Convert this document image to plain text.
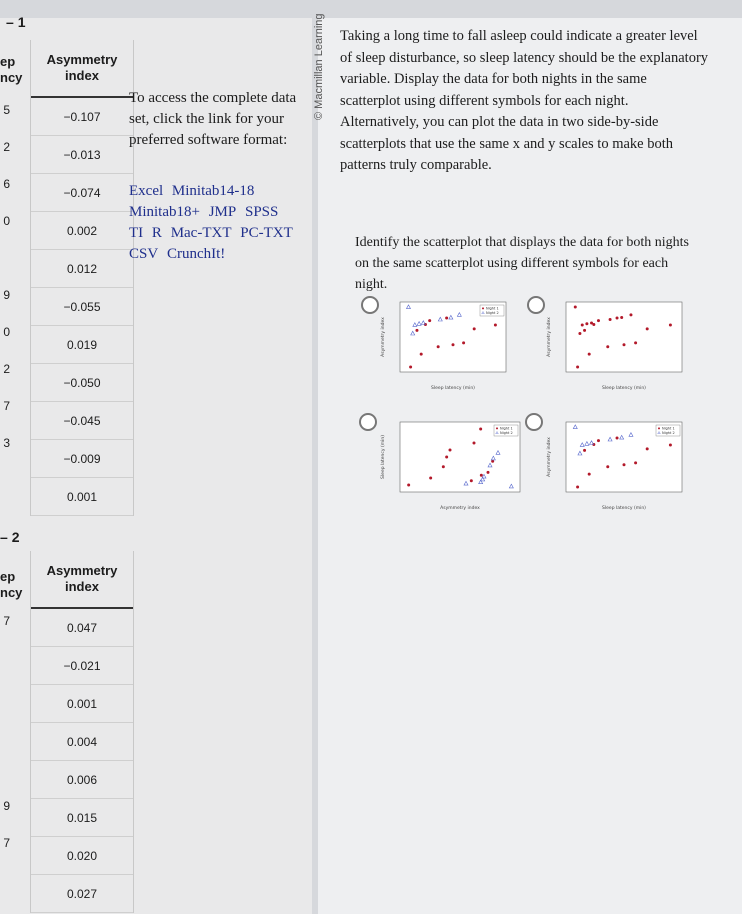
– 1
ep
ncy
5
2
6
0
9
0
2
7
3
Asymmetry
index
−0.107
−0.013
−0.074
0.002
0.012
−0.055
0.019
−0.050
−0.045
−0.009
0.001
– 2
ep
ncy
7
9
7
Asymmetry
index
0.047
−0.021
0.001
0.004
0.006
0.015
0.020
0.027
To access the complete data set, click the link for your preferred software format:
Excel Minitab14-18 Minitab18+ JMP SPSS TI R Mac-TXT PC-TXT CSV CrunchIt!
© Macmillan Learning Taking a long time to fall asleep could indicate a greater level of sleep disturbance, so sleep latency should be the explanatory variable. Display the data for both nights in the same scatterplot using different symbols for each night. Alternatively, you can plot the data in two side-by-side scatterplots that use the same x and y scales to make both patterns truly comparable.
Identify the scatterplot that displays the data for both nights on the same scatterplot using different symbols for each night.
Sleep latency (min)
Asymmetry index
Night 1
Night 2
Sleep latency (min)
Asymmetry index
Asymmetry index
Sleep latency (min)
Night 1
Night 2
Sleep latency (min)
Asymmetry index
Night 1
Night 2
